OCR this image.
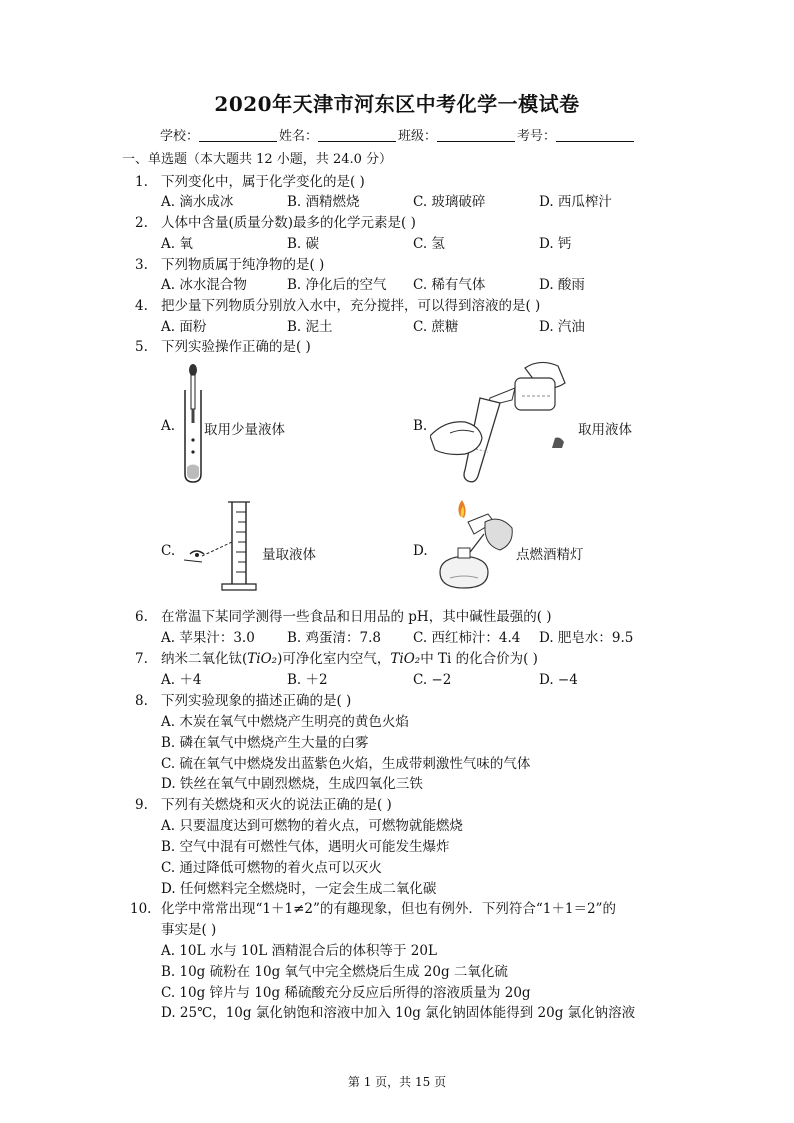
2020年天津市河东区中考化学一模试卷
学校：	姓名：	班级：	考号：
一、单选题（本大题共 12 小题，共 24.0 分）
1. 下列变化中，属于化学变化的是( )
A. 滴水成冰	B. 酒精燃烧	C. 玻璃破碎	D. 西瓜榨汁
2. 人体中含量(质量分数)最多的化学元素是( )
A. 氧	B. 碳	C. 氢	D. 钙
3. 下列物质属于纯净物的是( )
A. 冰水混合物	B. 净化后的空气 C. 稀有气体	D. 酸雨
4. 把少量下列物质分别放入水中，充分搅拌，可以得到溶液的是( )
A. 面粉	B. 泥土	C. 蔗糖	D. 汽油
5. 下列实验操作正确的是( )
A. 取用少量液体	B.	取用液体
C.	量取液体	D.	点燃酒精灯
6. 在常温下某同学测得一些食品和日用品的 pH，其中碱性最强的( )
A. 苹果汁：3.0 B. 鸡蛋清：7.8 C. 西红柿汁：4.4 D. 肥皂水：9.5
7. 纳米二氧化钛(TiO₂)可净化室内空气，TiO₂中 Ti 的化合价为( )
A. ＋4	B. ＋2	C. −2	D. −4
8. 下列实验现象的描述正确的是( )
A. 木炭在氧气中燃烧产生明亮的黄色火焰
B. 磷在氧气中燃烧产生大量的白雾
C. 硫在氧气中燃烧发出蓝紫色火焰，生成带刺激性气味的气体
D. 铁丝在氧气中剧烈燃烧，生成四氧化三铁
9. 下列有关燃烧和灭火的说法正确的是( )
A. 只要温度达到可燃物的着火点，可燃物就能燃烧
B. 空气中混有可燃性气体，遇明火可能发生爆炸
C. 通过降低可燃物的着火点可以灭火
D. 任何燃料完全燃烧时，一定会生成二氧化碳
10. 化学中常常出现“1＋1≠2”的有趣现象，但也有例外．下列符合“1＋1＝2”的
事实是( )
A. 10L 水与 10L 酒精混合后的体积等于 20L
B. 10g 硫粉在 10g 氧气中完全燃烧后生成 20g 二氧化硫
C. 10g 锌片与 10g 稀硫酸充分反应后所得的溶液质量为 20g
D. 25℃，10g 氯化钠饱和溶液中加入 10g 氯化钠固体能得到 20g 氯化钠溶液
第 1 页，共 15 页
